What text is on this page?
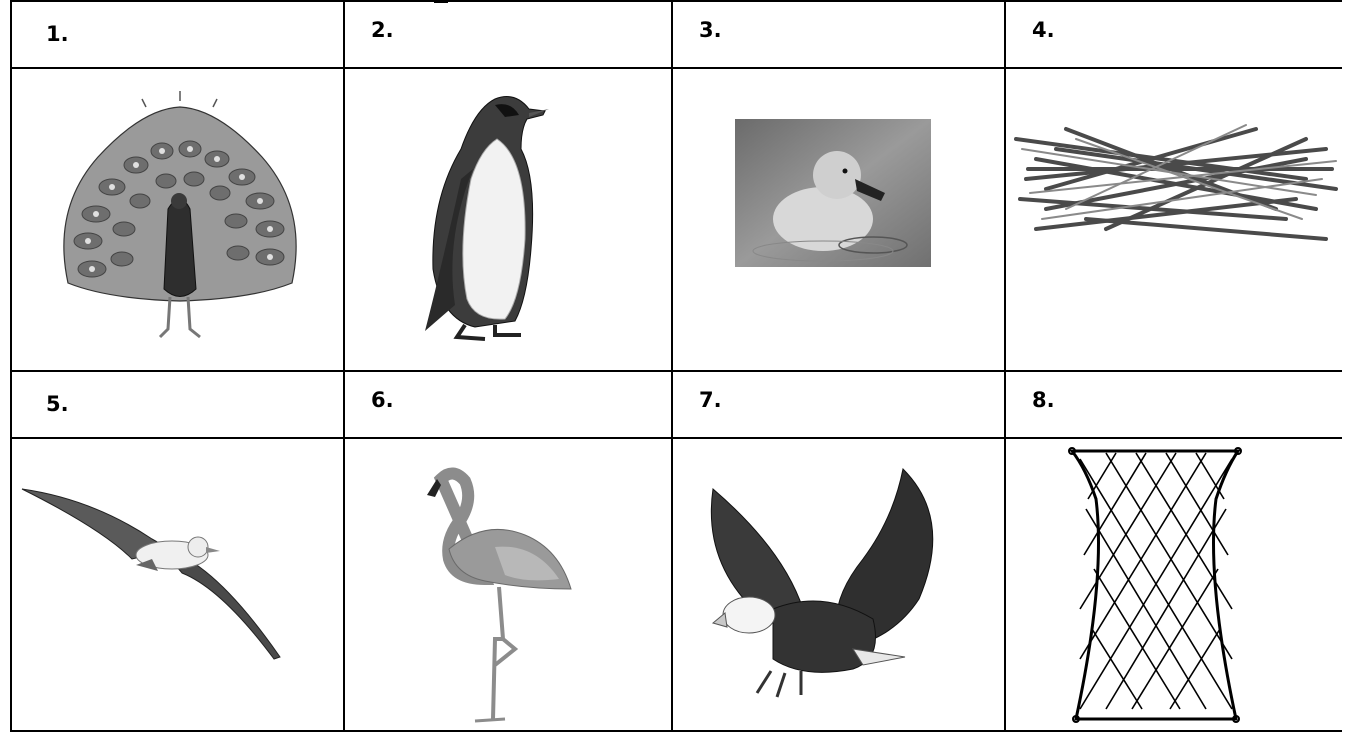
1.	2.	3.	4.

5.	6.	7.	8.
